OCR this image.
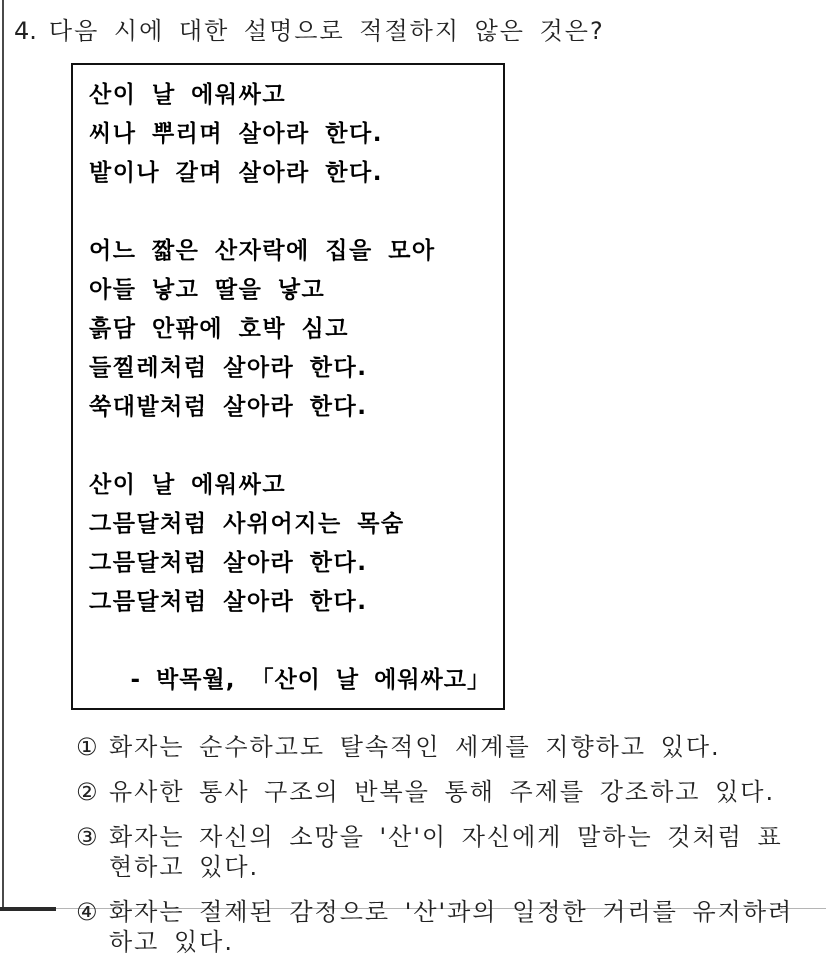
4. 다음 시에 대한 설명으로 적절하지 않은 것은?
산이 날 에워싸고
씨나 뿌리며 살아라 한다.
밭이나 갈며 살아라 한다.
어느 짧은 산자락에 집을 모아
아들 낳고 딸을 낳고
흙담 안팎에 호박 심고
들찔레처럼 살아라 한다.
쑥대밭처럼 살아라 한다.
산이 날 에워싸고
그믐달처럼 사위어지는 목숨
그믐달처럼 살아라 한다.
그믐달처럼 살아라 한다.
- 박목월, 「산이 날 에워싸고」
① 화자는 순수하고도 탈속적인 세계를 지향하고 있다.
② 유사한 통사 구조의 반복을 통해 주제를 강조하고 있다.
③ 화자는 자신의 소망을 '산'이 자신에게 말하는 것처럼 표
현하고 있다.
④ 화자는 절제된 감정으로 '산'과의 일정한 거리를 유지하려
하고 있다.
